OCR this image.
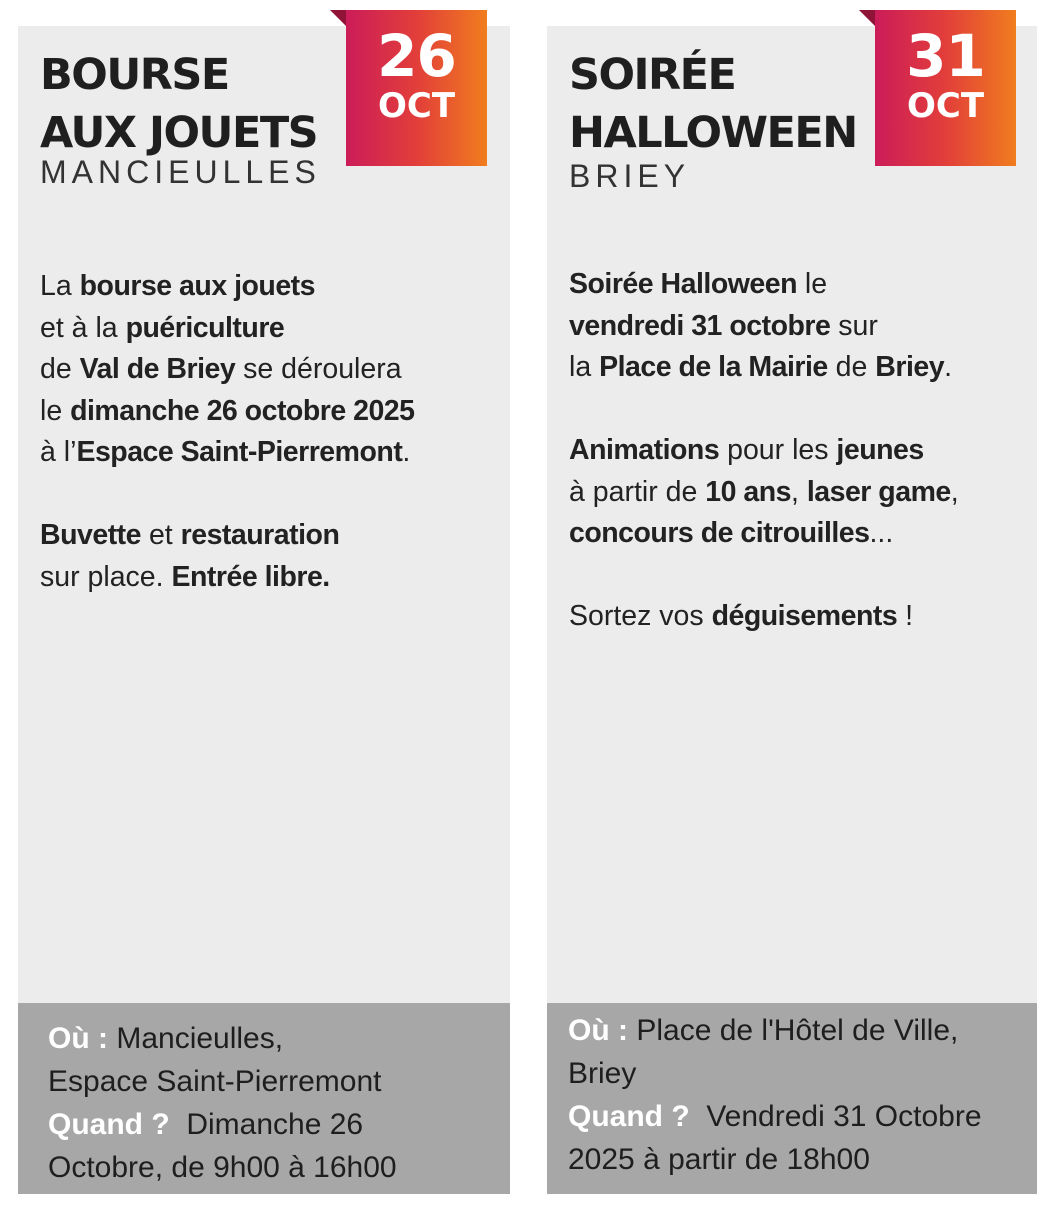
BOURSE
AUX JOUETS
MANCIEULLES
26
OCT

La bourse aux jouets
et à la puériculture
de Val de Briey se déroulera
le dimanche 26 octobre 2025
à l’Espace Saint-Pierremont.

Buvette et restauration
sur place. Entrée libre.

Où : Mancieulles,
Espace Saint-Pierremont
Quand ?  Dimanche 26
Octobre, de 9h00 à 16h00
SOIRÉE
HALLOWEEN
BRIEY
31
OCT

Soirée Halloween le
vendredi 31 octobre sur
la Place de la Mairie de Briey.

Animations pour les jeunes
à partir de 10 ans, laser game,
concours de citrouilles...

Sortez vos déguisements !

Où : Place de l'Hôtel de Ville,
Briey
Quand ?  Vendredi 31 Octobre
2025 à partir de 18h00
